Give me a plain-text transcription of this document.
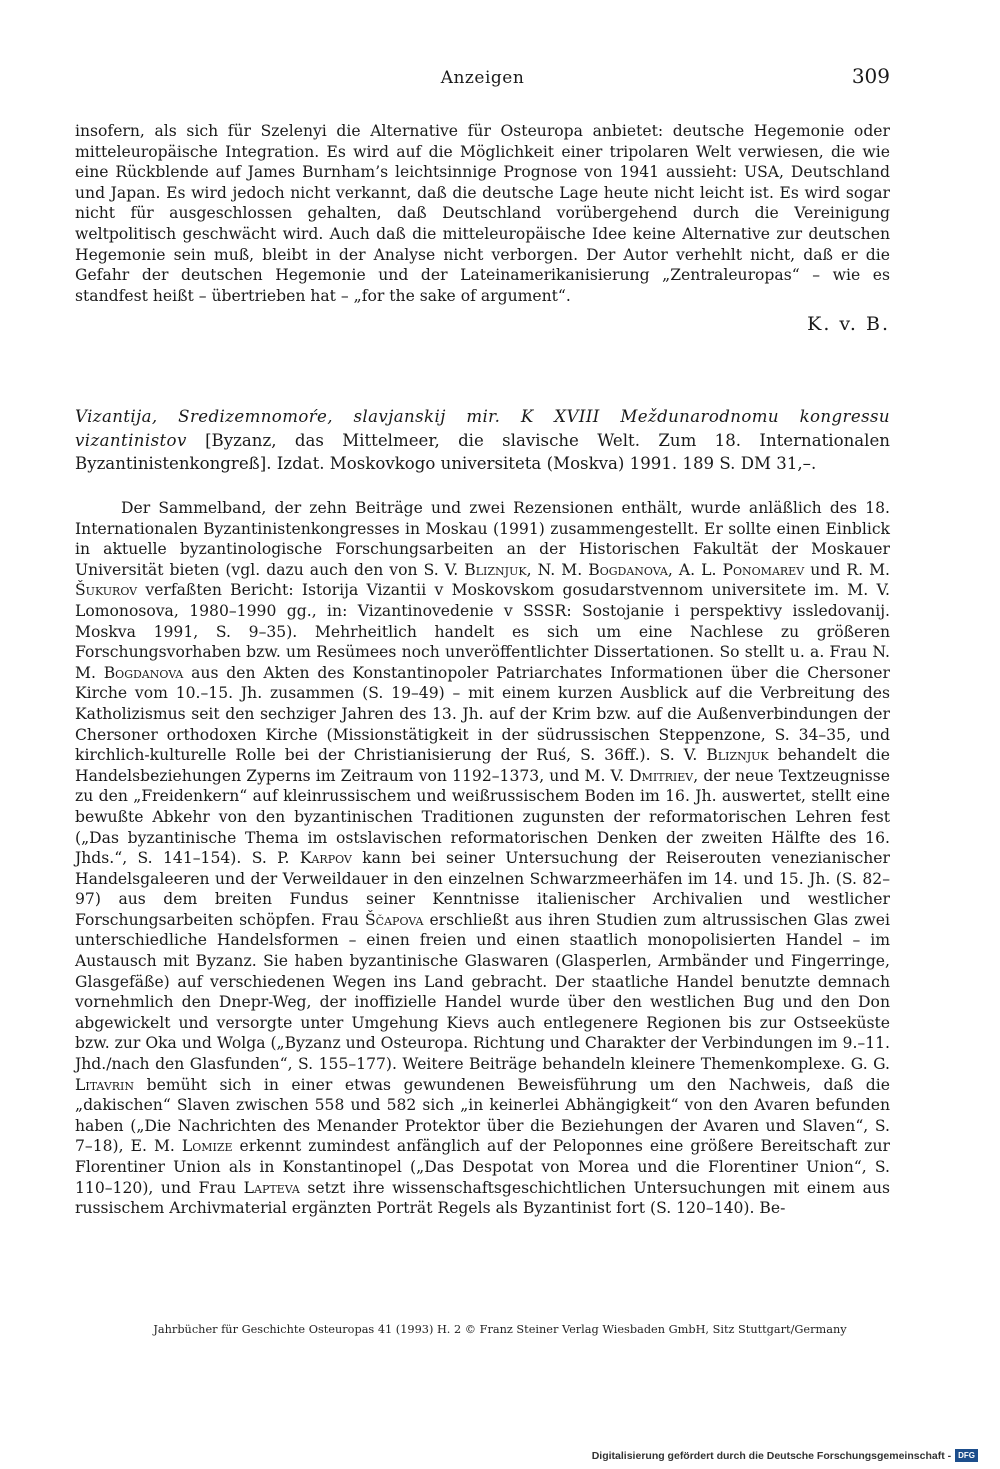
Anzeigen	309
insofern, als sich für Szelenyi die Alternative für Osteuropa anbietet: deutsche Hegemonie oder mitteleuropäische Integration. Es wird auf die Möglichkeit einer tripolaren Welt verwiesen, die wie eine Rückblende auf James Burnham’s leichtsinnige Prognose von 1941 aussieht: USA, Deutschland und Japan. Es wird jedoch nicht verkannt, daß die deutsche Lage heute nicht leicht ist. Es wird sogar nicht für ausgeschlossen gehalten, daß Deutschland vorübergehend durch die Vereinigung weltpolitisch geschwächt wird. Auch daß die mitteleuropäische Idee keine Alternative zur deutschen Hegemonie sein muß, bleibt in der Analyse nicht verborgen. Der Autor verhehlt nicht, daß er die Gefahr der deutschen Hegemonie und der Lateinamerikanisierung „Zentraleuropas“ – wie es standfest heißt – übertrieben hat – „for the sake of argument“.
K. v. B.
Vizantija, Sredizemnomoŕe, slavjanskij mir. K XVIII Meždunarodnomu kongressu vizantinistov [Byzanz, das Mittelmeer, die slavische Welt. Zum 18. Internationalen Byzantinistenkongreß]. Izdat. Moskovkogo universiteta (Moskva) 1991. 189 S. DM 31,–.
Der Sammelband, der zehn Beiträge und zwei Rezensionen enthält, wurde anläßlich des 18. Internationalen Byzantinistenkongresses in Moskau (1991) zusammengestellt. Er sollte einen Einblick in aktuelle byzantinologische Forschungsarbeiten an der Historischen Fakultät der Moskauer Universität bieten (vgl. dazu auch den von S. V. Bliznjuk, N. M. Bogdanova, A. L. Ponomarev und R. M. Šukurov verfaßten Bericht: Istorija Vizantii v Moskovskom gosudarstvennom universitete im. M. V. Lomonosova, 1980–1990 gg., in: Vizantinovedenie v SSSR: Sostojanie i perspektivy issledovanij. Moskva 1991, S. 9–35). Mehrheitlich handelt es sich um eine Nachlese zu größeren Forschungsvorhaben bzw. um Resümees noch unveröffentlichter Dissertationen. So stellt u. a. Frau N. M. Bogdanova aus den Akten des Konstantinopoler Patriarchates Informationen über die Chersoner Kirche vom 10.–15. Jh. zusammen (S. 19–49) – mit einem kurzen Ausblick auf die Verbreitung des Katholizismus seit den sechziger Jahren des 13. Jh. auf der Krim bzw. auf die Außenverbindungen der Chersoner orthodoxen Kirche (Missionstätigkeit in der südrussischen Steppenzone, S. 34–35, und kirchlich-kulturelle Rolle bei der Christianisierung der Ruś, S. 36ff.). S. V. Bliznjuk behandelt die Handelsbeziehungen Zyperns im Zeitraum von 1192–1373, und M. V. Dmitriev, der neue Textzeugnisse zu den „Freidenkern“ auf kleinrussischem und weißrussischem Boden im 16. Jh. auswertet, stellt eine bewußte Abkehr von den byzantinischen Traditionen zugunsten der reformatorischen Lehren fest („Das byzantinische Thema im ostslavischen reformatorischen Denken der zweiten Hälfte des 16. Jhds.“, S. 141–154). S. P. Karpov kann bei seiner Untersuchung der Reiserouten venezianischer Handelsgaleeren und der Verweildauer in den einzelnen Schwarzmeerhäfen im 14. und 15. Jh. (S. 82–97) aus dem breiten Fundus seiner Kenntnisse italienischer Archivalien und westlicher Forschungsarbeiten schöpfen. Frau Ščapova erschließt aus ihren Studien zum altrussischen Glas zwei unterschiedliche Handelsformen – einen freien und einen staatlich monopolisierten Handel – im Austausch mit Byzanz. Sie haben byzantinische Glaswaren (Glasperlen, Armbänder und Fingerringe, Glasgefäße) auf verschiedenen Wegen ins Land gebracht. Der staatliche Handel benutzte demnach vornehmlich den Dnepr-Weg, der inoffizielle Handel wurde über den westlichen Bug und den Don abgewickelt und versorgte unter Umgehung Kievs auch entlegenere Regionen bis zur Ostseeküste bzw. zur Oka und Wolga („Byzanz und Osteuropa. Richtung und Charakter der Verbindungen im 9.–11. Jhd./nach den Glasfunden“, S. 155–177). Weitere Beiträge behandeln kleinere Themenkomplexe. G. G. Litavrin bemüht sich in einer etwas gewundenen Beweisführung um den Nachweis, daß die „dakischen“ Slaven zwischen 558 und 582 sich „in keinerlei Abhängigkeit“ von den Avaren befunden haben („Die Nachrichten des Menander Protektor über die Beziehungen der Avaren und Slaven“, S. 7–18), E. M. Lomize erkennt zumindest anfänglich auf der Peloponnes eine größere Bereitschaft zur Florentiner Union als in Konstantinopel („Das Despotat von Morea und die Florentiner Union“, S. 110–120), und Frau Lapteva setzt ihre wissenschaftsgeschichtlichen Untersuchungen mit einem aus russischem Archivmaterial ergänzten Porträt Regels als Byzantinist fort (S. 120–140). Be-
Jahrbücher für Geschichte Osteuropas 41 (1993) H. 2 © Franz Steiner Verlag Wiesbaden GmbH, Sitz Stuttgart/Germany
Digitalisierung gefördert durch die Deutsche Forschungsgemeinschaft - DFG
